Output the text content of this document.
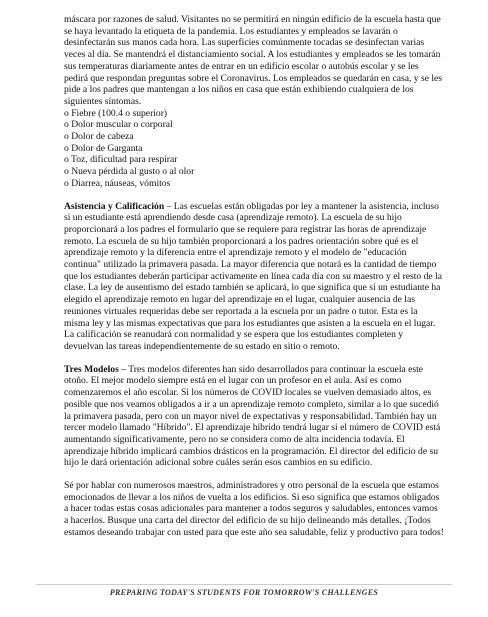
máscara por razones de salud. Visitantes no se permitirá en ningún edificio de la escuela hasta que se haya levantado la etiqueta de la pandemia. Los estudiantes y empleados se lavarán o desinfectarán sus manos cada hora. Las superficies comúnmente tocadas se desinfectan varias veces al día. Se mantendrá el distanciamiento social. A los estudiantes y empleados se les tomarán sus temperaturas diariamente antes de entrar en un edificio escolar o autobús escolar y se les pedirá que respondan preguntas sobre el Coronavirus. Los empleados se quedarán en casa, y se les pide a los padres que mantengan a los niños en casa que están exhibiendo cualquiera de los siguientes síntomas.

o Fiebre (100.4 o superior)

o Dolor muscular o corporal

o Dolor de cabeza

o Dolor de Garganta

o Toz, dificultad para respirar

o Nueva pérdida al gusto o al olor

o Diarrea, náuseas, vómitos

Asistencia y Calificación – Las escuelas están obligadas por ley a mantener la asistencia, incluso si un estudiante está aprendiendo desde casa (aprendizaje remoto). La escuela de su hijo proporcionará a los padres el formulario que se requiere para registrar las horas de aprendizaje remoto. La escuela de su hijo también proporcionará a los padres orientación sobre qué es el aprendizaje remoto y la diferencia entre el aprendizaje remoto y el modelo de "educación continua" utilizado la primavera pasada. La mayor diferencia que notará es la cantidad de tiempo que los estudiantes deberán participar activamente en línea cada día con su maestro y el resto de la clase. La ley de ausentismo del estado también se aplicará, lo que significa que si un estudiante ha elegido el aprendizaje remoto en lugar del aprendizaje en el lugar, cualquier ausencia de las reuniones virtuales requeridas debe ser reportada a la escuela por un padre o tutor. Esta es la misma ley y las mismas expectativas que para los estudiantes que asisten a la escuela en el lugar. La calificación se reanudará con normalidad y se espera que los estudiantes completen y devuelvan las tareas independientemente de su estado en sitio o remoto.

Tres Modelos – Tres modelos diferentes han sido desarrollados para continuar la escuela este otoño. El mejor modelo siempre está en el lugar con un profesor en el aula. Así es como comenzaremos el año escolar. Si los números de COVID locales se vuelven demasiado altos, es posible que nos veamos obligados a ir a un aprendizaje remoto completo, similar a lo que sucedió la primavera pasada, pero con un mayor nivel de expectativas y responsabilidad. También hay un tercer modelo llamado "Híbrido". El aprendizaje híbrido tendrá lugar si el número de COVID está aumentando significativamente, pero no se considera como de alta incidencia todavía. El aprendizaje híbrido implicará cambios drásticos en la programación. El director del edificio de su hijo le dará orientación adicional sobre cuáles serán esos cambios en su edificio.

Sé por hablar con numerosos maestros, administradores y otro personal de la escuela que estamos emocionados de llevar a los niños de vuelta a los edificios. Si eso significa que estamos obligados a hacer todas estas cosas adicionales para mantener a todos seguros y saludables, entonces vamos a hacerlos. Busque una carta del director del edificio de su hijo delineando más detalles. ¡Todos estamos deseando trabajar con usted para que este año sea saludable, feliz y productivo para todos!

PREPARING TODAY'S STUDENTS FOR TOMORROW'S CHALLENGES
